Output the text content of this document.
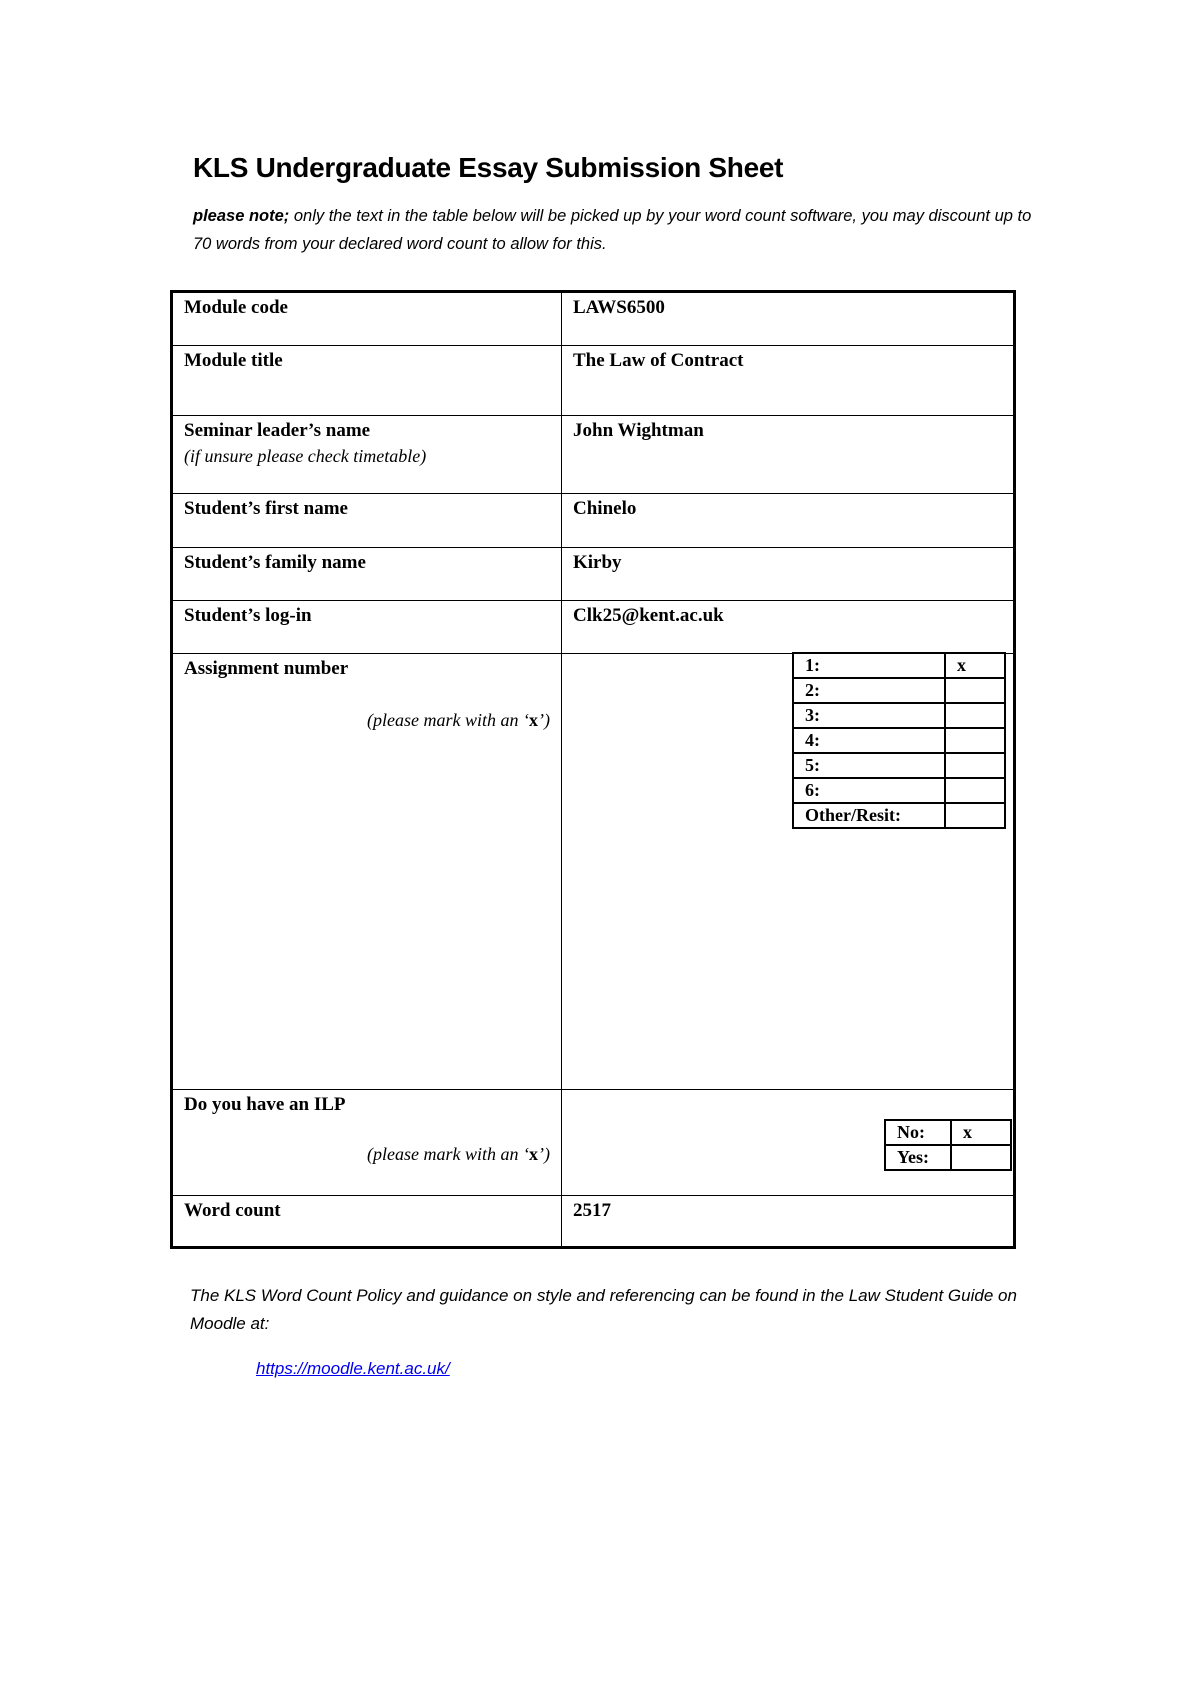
KLS Undergraduate Essay Submission Sheet
please note; only the text in the table below will be picked up by your word count software, you may discount up to 70 words from your declared word count to allow for this.
Module code	LAWS6500
Module title	The Law of Contract
Seminar leader’s name
(if unsure please check timetable)
	John Wightman
Student’s first name	Chinelo
Student’s family name	Kirby
Student’s log-in	Clk25@kent.ac.uk
Assignment number
(please mark with an ‘x’)

1:	x
2:	
3:	
4:	
5:	
6:	
Other/Resit:	

Do you have an ILP
(please mark with an ‘x’)

No:	x
Yes:	

Word count	2517
The KLS Word Count Policy and guidance on style and referencing can be found in the Law Student Guide on Moodle at:
https://moodle.kent.ac.uk/
